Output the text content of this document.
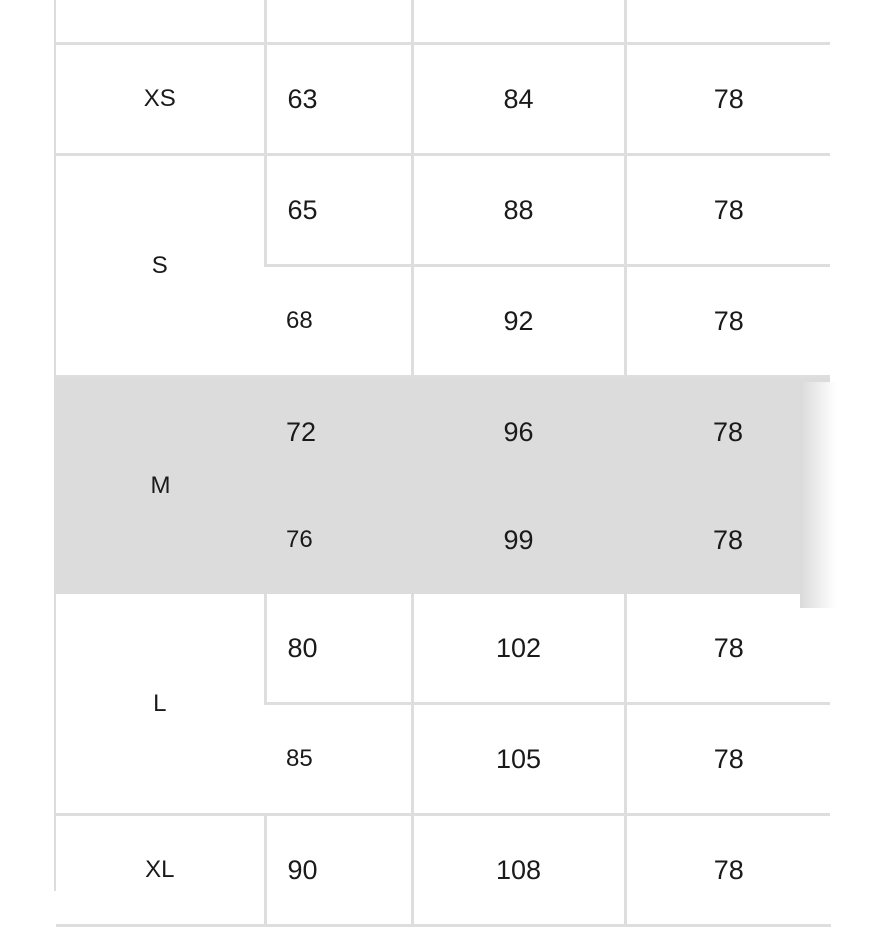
XS	63	84	78
S	65	88	78
	68	92	78
M	72	96	78
	76	99	78
L	80	102	78
	85	105	78
XL	90	108	78
